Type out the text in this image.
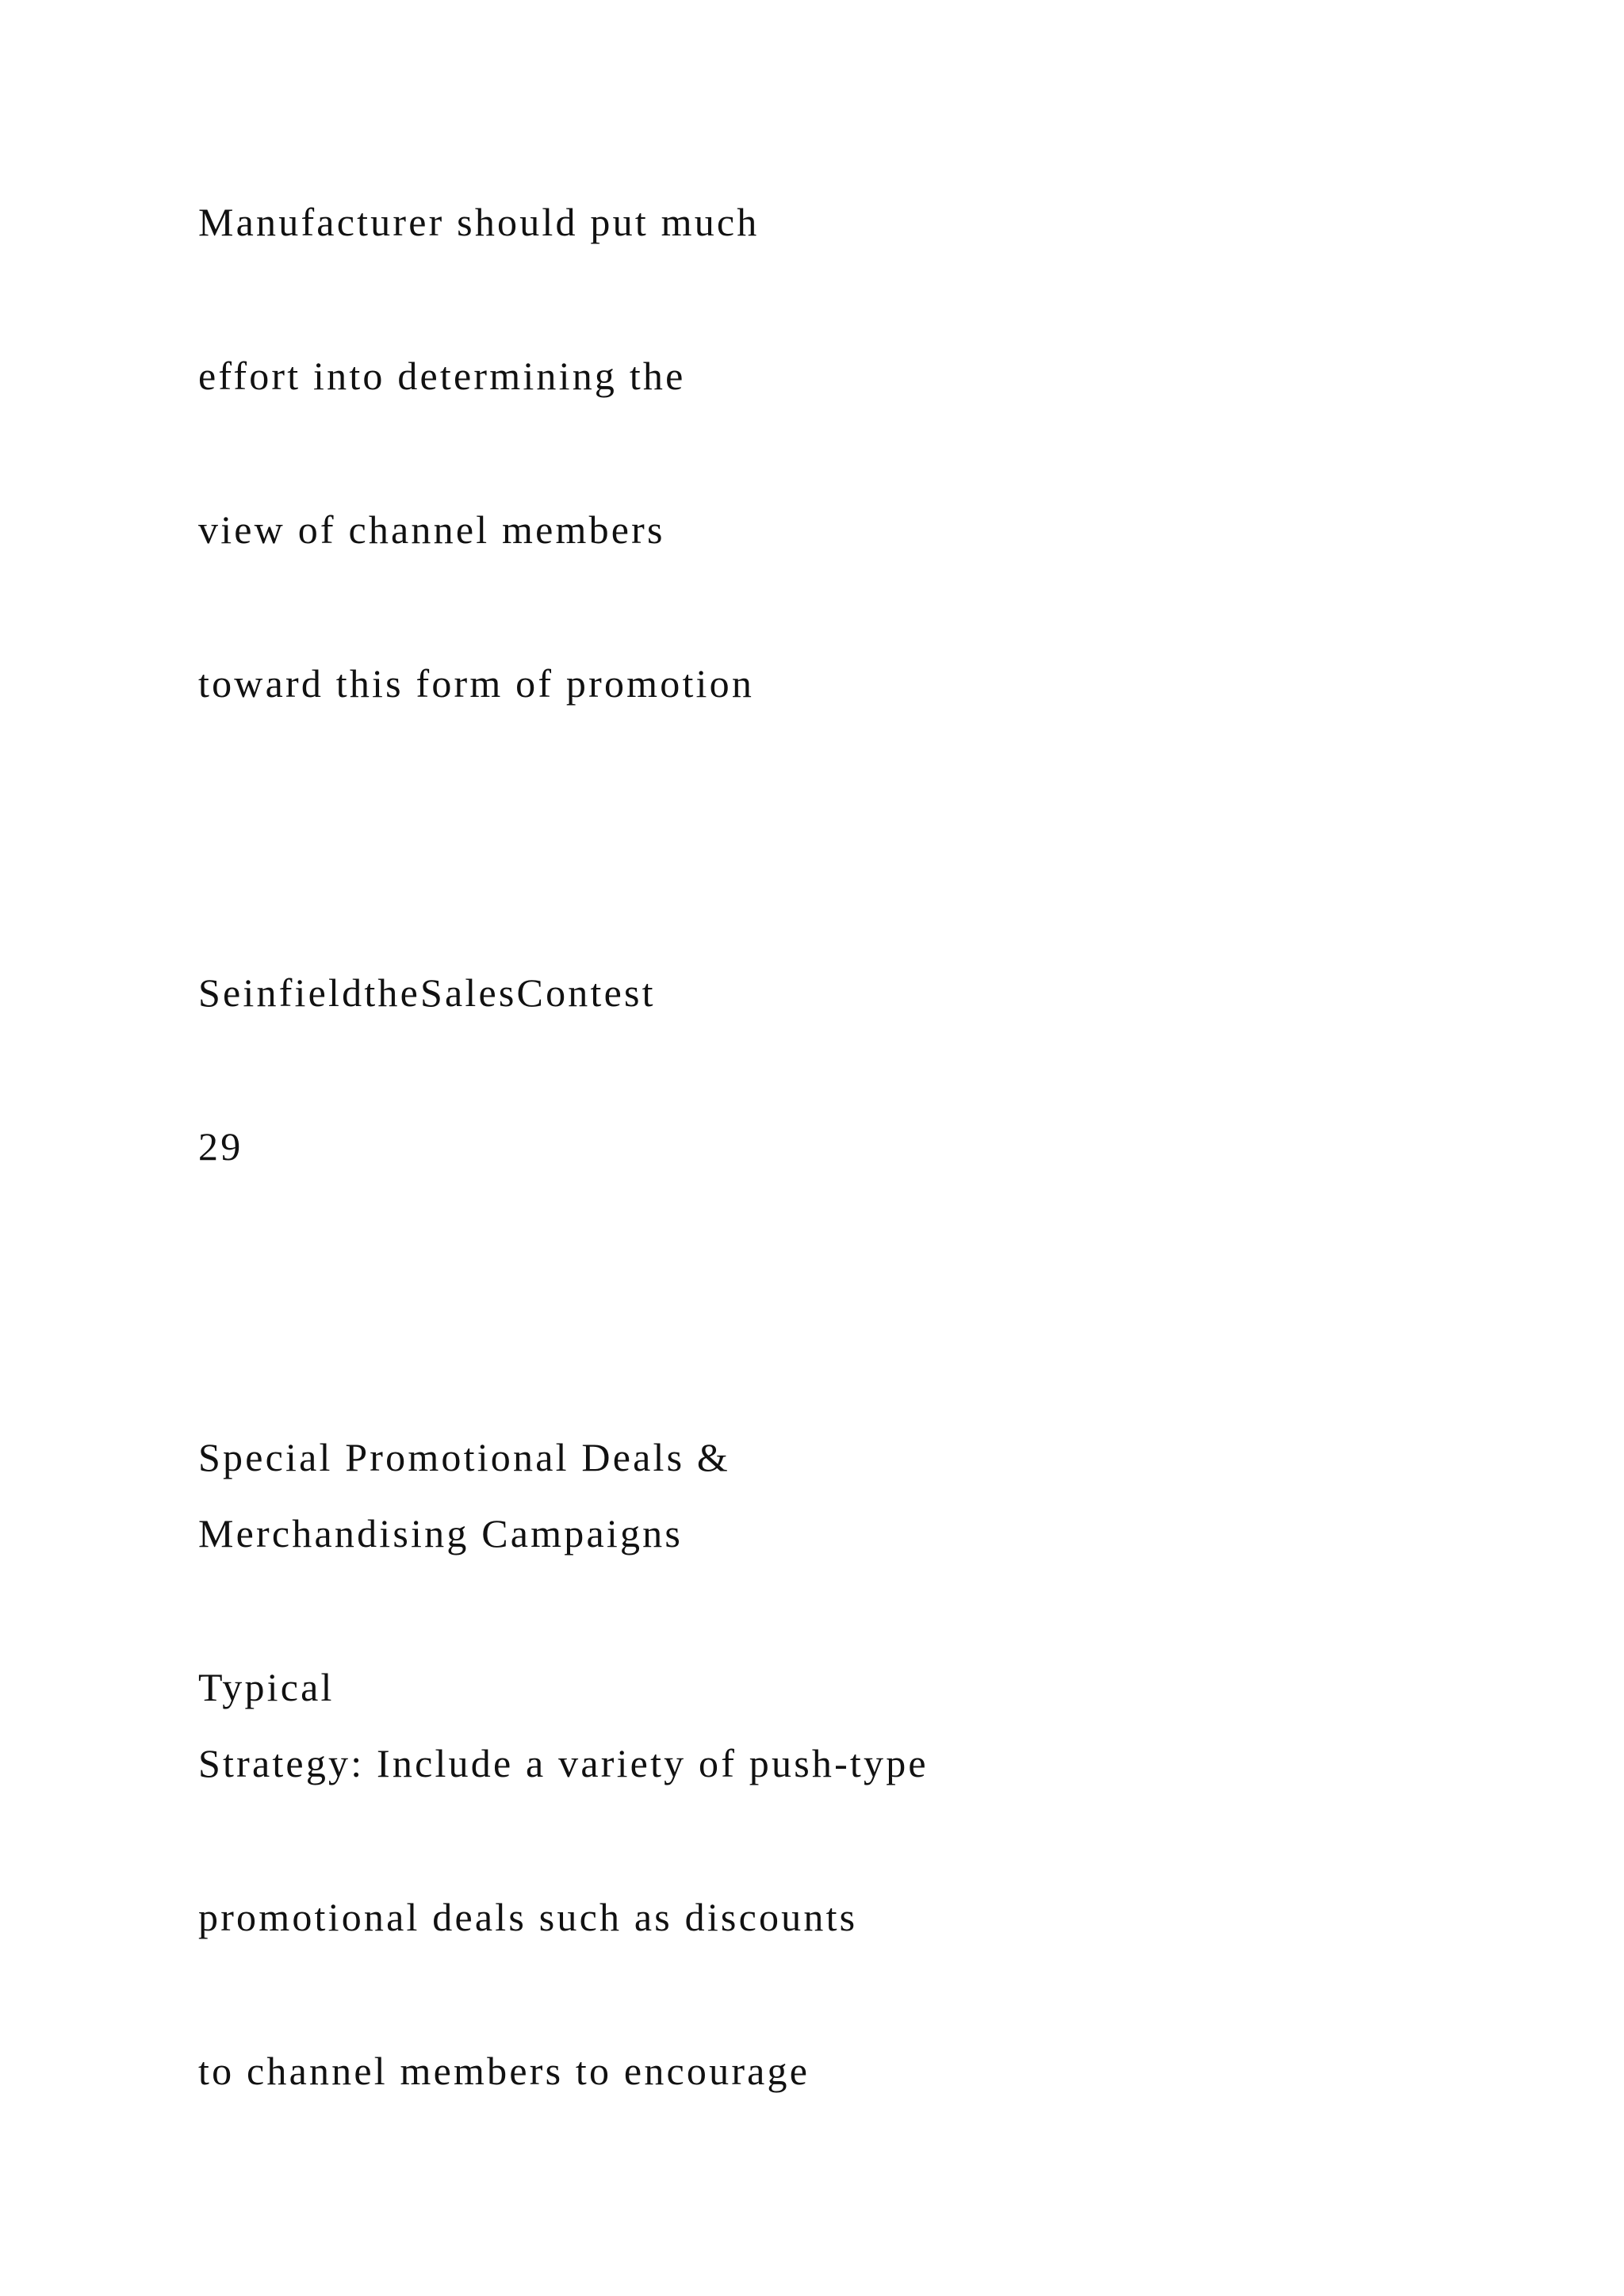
Manufacturer should put much

effort into determining the

view of channel members

toward this form of promotion

SeinfieldtheSalesContest

29

Special Promotional Deals &

Merchandising Campaigns

Typical

Strategy: Include a variety of push-type

promotional deals such as discounts

to channel members to encourage
